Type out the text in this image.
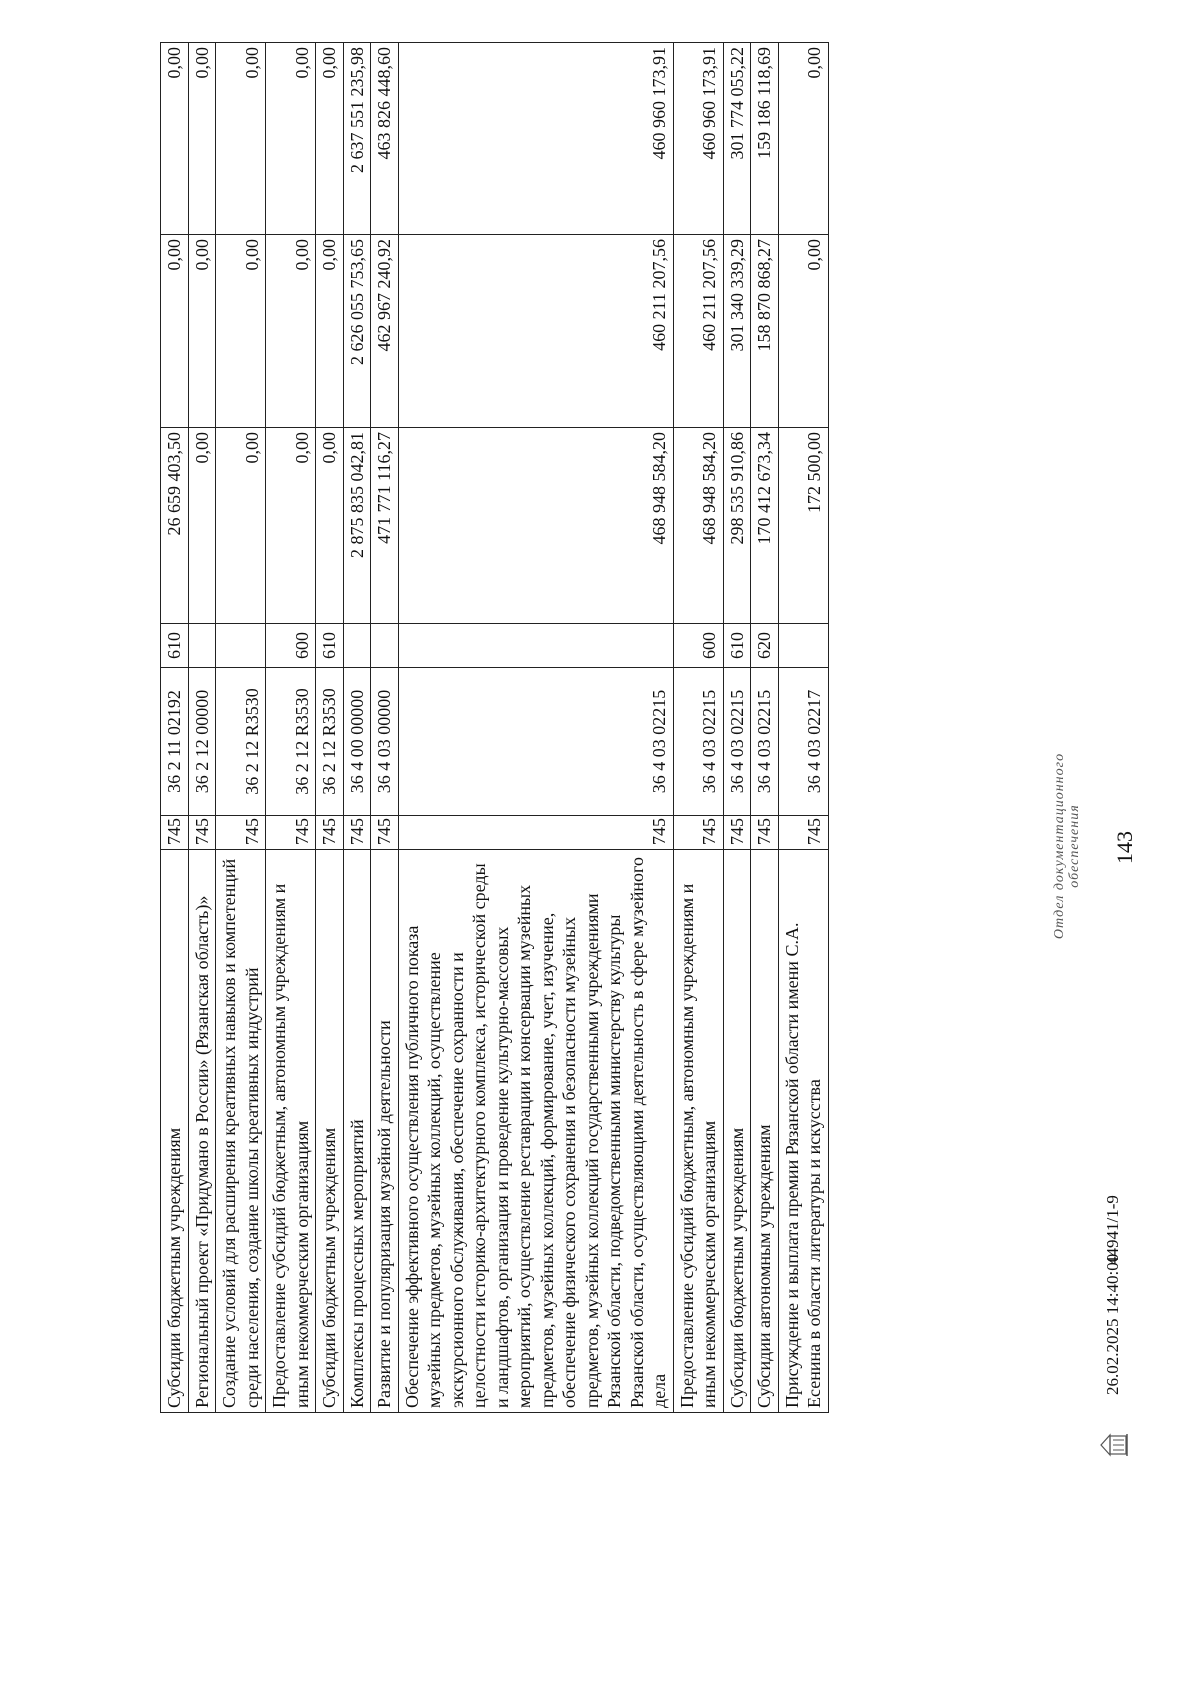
Субсидии бюджетным учреждениям	745	36 2 11 02192	610	26 659 403,50	0,00	0,00
Региональный проект «Придумано в России» (Рязанская область)»	745	36 2 12 00000		0,00	0,00	0,00
Создание условий для расширения креативных навыков и компетенций среди населения, создание школы креативных индустрий	745	36 2 12 R3530		0,00	0,00	0,00
Предоставление субсидий бюджетным, автономным учреждениям и иным некоммерческим организациям	745	36 2 12 R3530	600	0,00	0,00	0,00
Субсидии бюджетным учреждениям	745	36 2 12 R3530	610	0,00	0,00	0,00
Комплексы процессных мероприятий	745	36 4 00 00000		2 875 835 042,81	2 626 055 753,65	2 637 551 235,98
Развитие и популяризация музейной деятельности	745	36 4 03 00000		471 771 116,27	462 967 240,92	463 826 448,60
Обеспечение эффективного осуществления публичного показа музейных предметов, музейных коллекций, осуществление экскурсионного обслуживания, обеспечение сохранности и целостности историко-архитектурного комплекса, исторической среды и ландшафтов, организация и проведение культурно-массовых мероприятий, осуществление реставрации и консервации музейных предметов, музейных коллекций, формирование, учет, изучение, обеспечение физического сохранения и безопасности музейных предметов, музейных коллекций государственными учреждениями Рязанской области, подведомственными министерству культуры Рязанской области, осуществляющими деятельность в сфере музейного дела	745	36 4 03 02215		468 948 584,20	460 211 207,56	460 960 173,91
Предоставление субсидий бюджетным, автономным учреждениям и иным некоммерческим организациям	745	36 4 03 02215	600	468 948 584,20	460 211 207,56	460 960 173,91
Субсидии бюджетным учреждениям	745	36 4 03 02215	610	298 535 910,86	301 340 339,29	301 774 055,22
Субсидии автономным учреждениям	745	36 4 03 02215	620	170 412 673,34	158 870 868,27	159 186 118,69
Присуждение и выплата премии Рязанской области имени С.А. Есенина в области литературы и искусства	745	36 4 03 02217		172 500,00	0,00	0,00
143
26.02.2025 14:40:00
44941/1-9
Отдел документационного обеспечения
